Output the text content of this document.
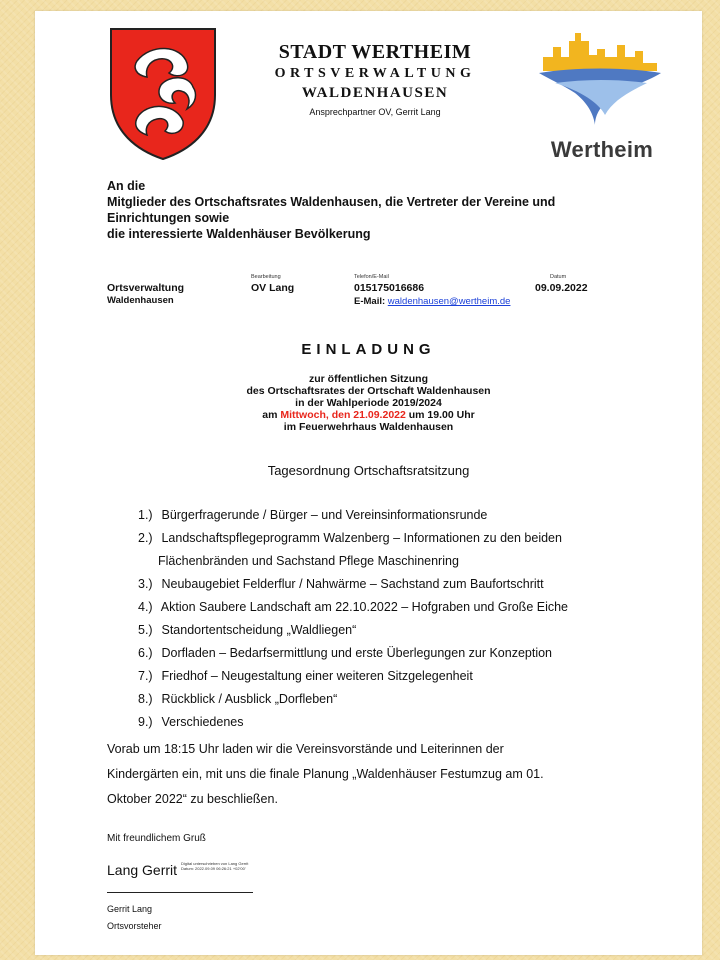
STADT WERTHEIM
ORTSVERWALTUNG
WALDENHAUSEN
Ansprechpartner OV, Gerrit Lang
Wertheim
An die
Mitglieder des Ortschaftsrates Waldenhausen, die Vertreter der Vereine und
Einrichtungen sowie
die interessierte Waldenhäuser Bevölkerung
Ortsverwaltung
Waldenhausen
Bearbeitung
OV Lang
Telefon/E-Mail
015175016686
E-Mail: waldenhausen@wertheim.de
Datum
09.09.2022
EINLADUNG
zur öffentlichen Sitzung
des Ortschaftsrates der Ortschaft Waldenhausen
in der Wahlperiode 2019/2024
am Mittwoch, den 21.09.2022 um 19.00 Uhr
im Feuerwehrhaus Waldenhausen
Tagesordnung Ortschaftsratsitzung
1.) Bürgerfragerunde / Bürger – und Vereinsinformationsrunde
2.) Landschaftspflegeprogramm Walzenberg – Informationen zu den beiden
Flächenbränden und Sachstand Pflege Maschinenring
3.) Neubaugebiet Felderflur / Nahwärme – Sachstand zum Baufortschritt
4.) Aktion Saubere Landschaft am 22.10.2022 – Hofgraben und Große Eiche
5.) Standortentscheidung „Waldliegen“
6.) Dorfladen – Bedarfsermittlung und erste Überlegungen zur Konzeption
7.) Friedhof – Neugestaltung einer weiteren Sitzgelegenheit
8.) Rückblick / Ausblick „Dorfleben“
9.) Verschiedenes
Vorab um 18:15 Uhr laden wir die Vereinsvorstände und Leiterinnen der
Kindergärten ein, mit uns die finale Planung „Waldenhäuser Festumzug am 01.
Oktober 2022“ zu beschließen.
Mit freundlichem Gruß
Lang Gerrit Digital unterschrieben von Lang Gerrit Datum: 2022.09.09 06:26:21 +02'00'
Gerrit Lang
Ortsvorsteher
